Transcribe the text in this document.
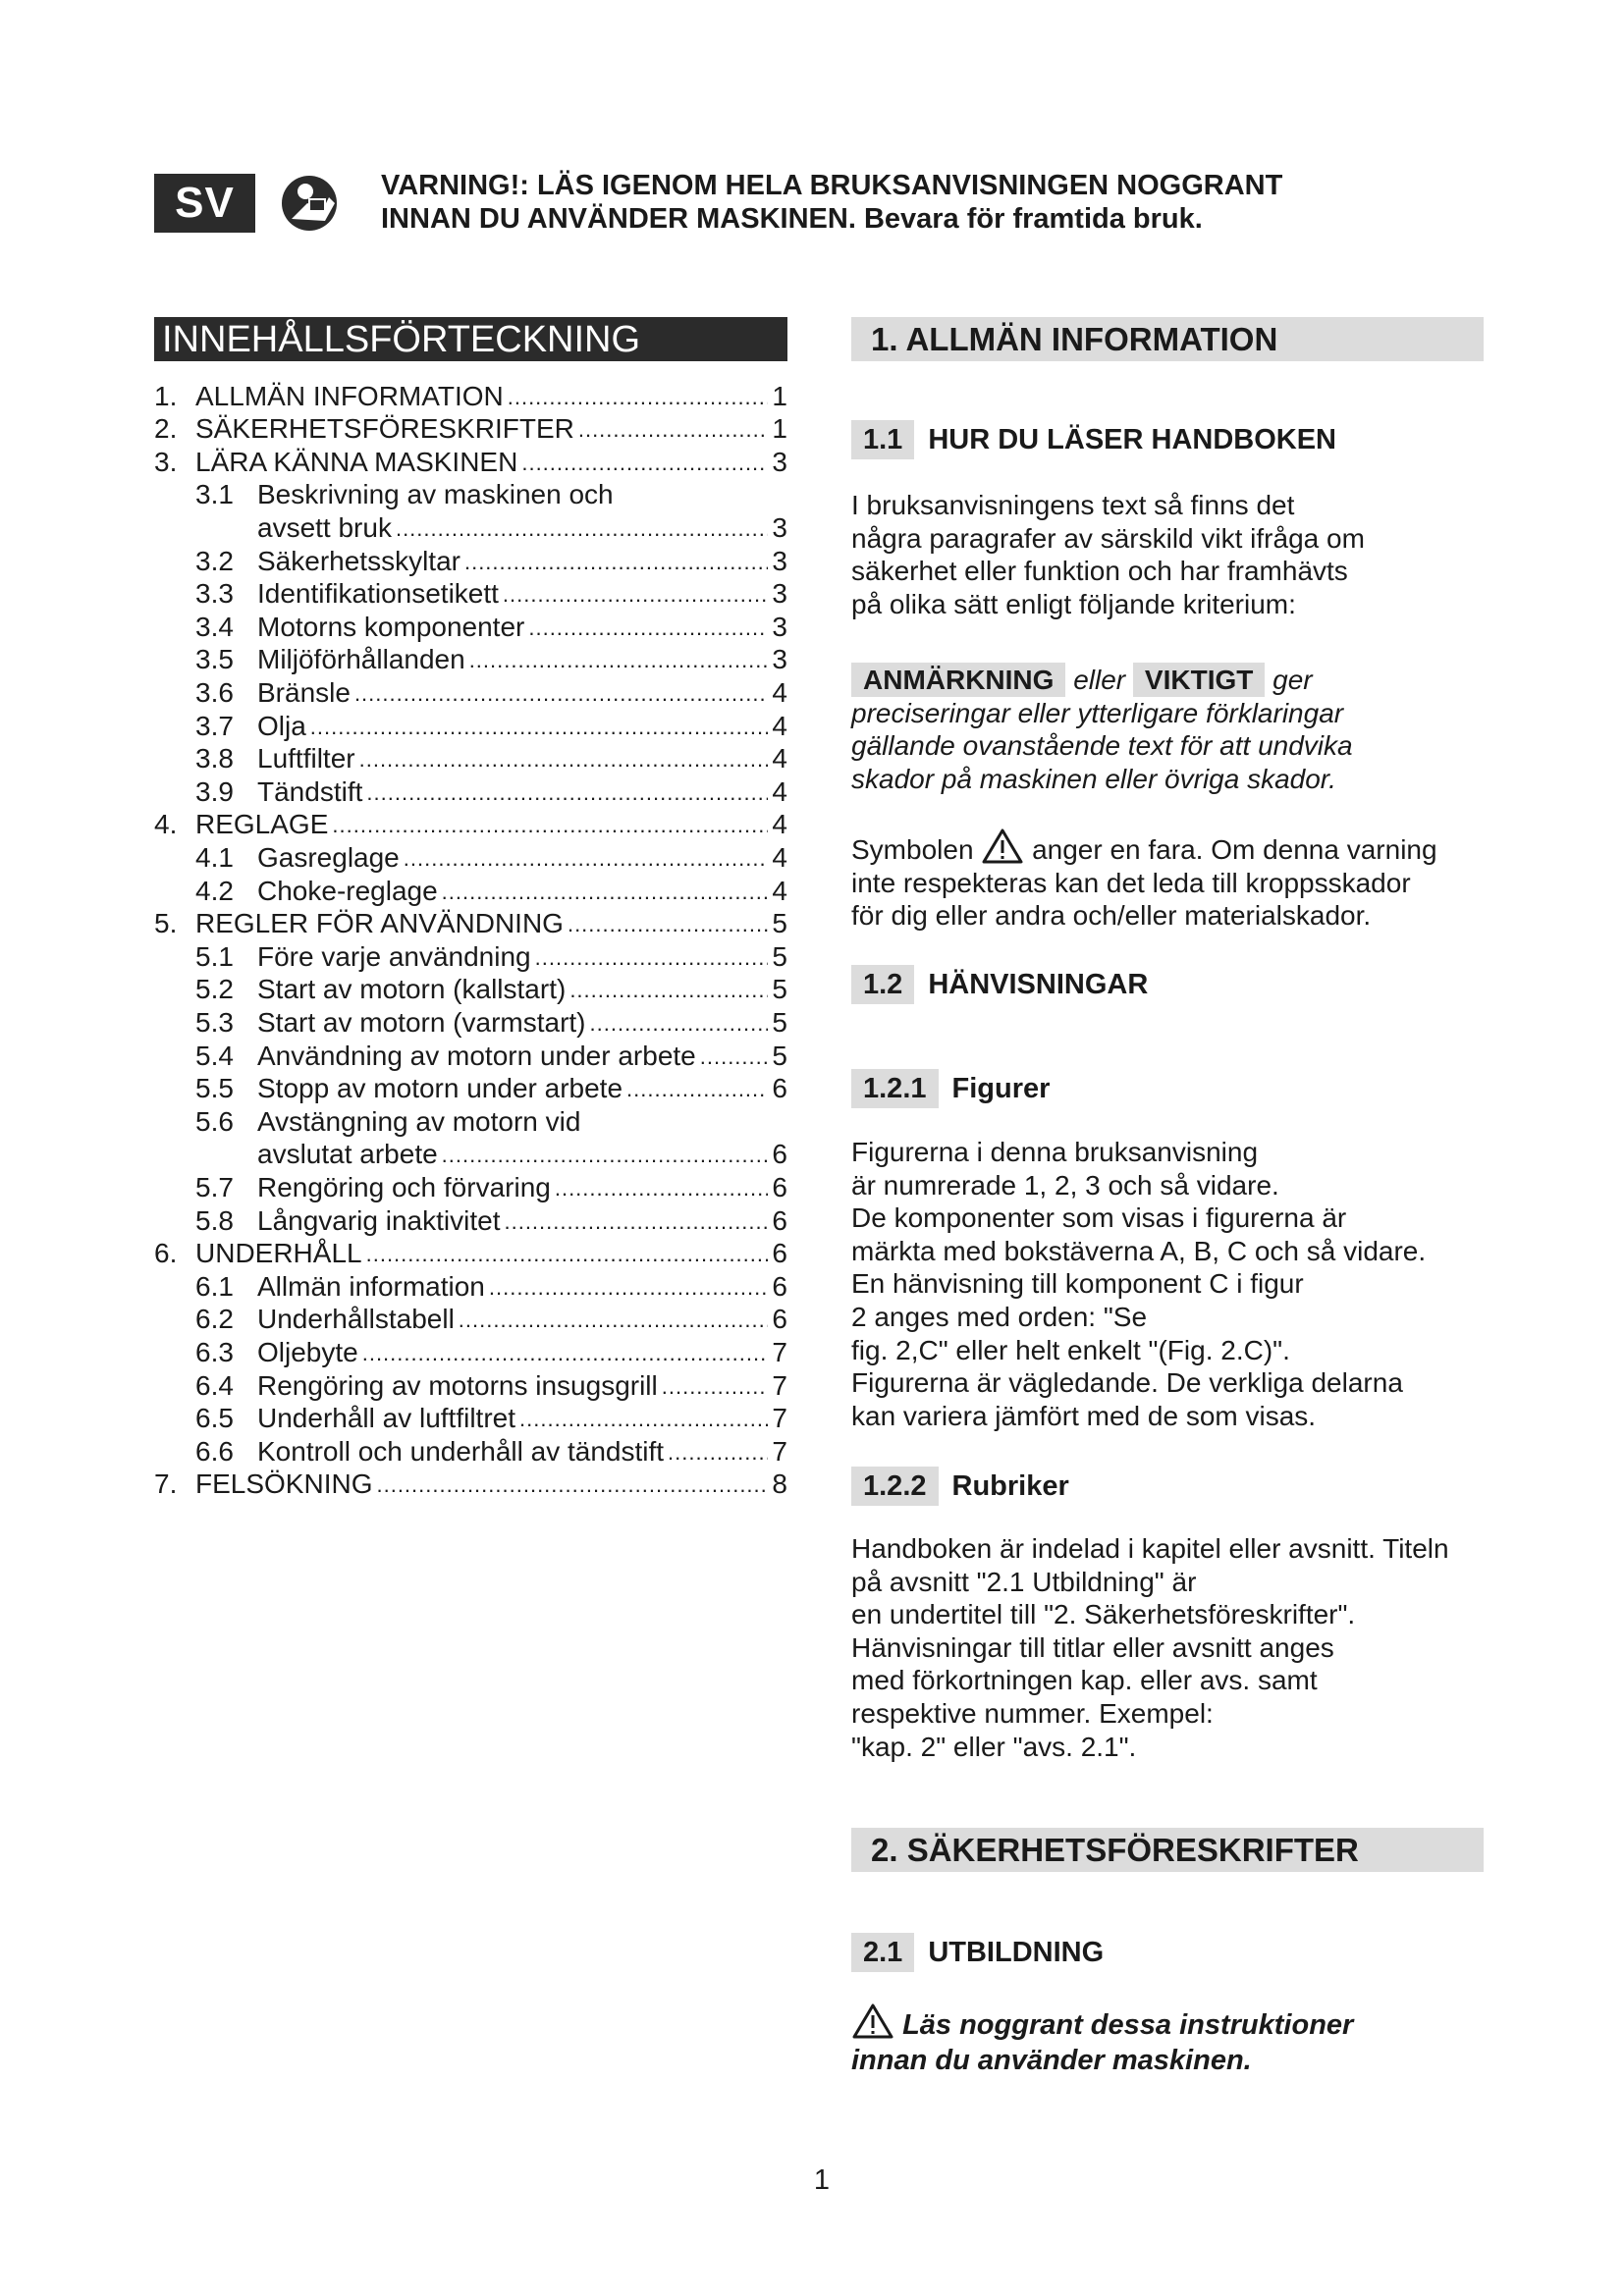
SV	VARNING!: LÄS IGENOM HELA BRUKSANVISNINGEN NOGGRANT
INNAN DU ANVÄNDER MASKINEN. Bevara för framtida bruk.
INNEHÅLLSFÖRTECKNING
1. ALLMÄN INFORMATION .....	1
2. SÄKERHETSFÖRESKRIFTER .....	1
3. LÄRA KÄNNA MASKINEN .....	3
3.1 Beskrivning av maskinen och
avsett bruk .....	3
3.2 Säkerhetsskyltar .....	3
3.3 Identifikationsetikett .....	3
3.4 Motorns komponenter .....	3
3.5 Miljöförhållanden .....	3
3.6 Bränsle .....	4
3.7 Olja .....	4
3.8 Luftfilter .....	4
3.9 Tändstift .....	4
4. REGLAGE .....	4
4.1 Gasreglage .....	4
4.2 Choke-reglage .....	4
5. REGLER FÖR ANVÄNDNING .....	5
5.1 Före varje användning .....	5
5.2 Start av motorn (kallstart) .....	5
5.3 Start av motorn (varmstart) .....	5
5.4 Användning av motorn under arbete .....	5
5.5 Stopp av motorn under arbete .....	6
5.6 Avstängning av motorn vid
avslutat arbete .....	6
5.7 Rengöring och förvaring .....	6
5.8 Långvarig inaktivitet .....	6
6. UNDERHÅLL .....	6
6.1 Allmän information .....	6
6.2 Underhållstabell .....	6
6.3 Oljebyte .....	7
6.4 Rengöring av motorns insugsgrill .....	7
6.5 Underhåll av luftfiltret .....	7
6.6 Kontroll och underhåll av tändstift .....	7
7. FELSÖKNING .....	8
1. ALLMÄN INFORMATION
1.1 HUR DU LÄSER HANDBOKEN
I bruksanvisningens text så finns det
några paragrafer av särskild vikt ifråga om
säkerhet eller funktion och har framhävts
på olika sätt enligt följande kriterium:
ANMÄRKNING eller VIKTIGT ger
preciseringar eller ytterligare förklaringar
gällande ovanstående text för att undvika
skador på maskinen eller övriga skador.
Symbolen anger en fara. Om denna varning
inte respekteras kan det leda till kroppsskador
för dig eller andra och/eller materialskador.
1.2 HÄNVISNINGAR
1.2.1 Figurer
Figurerna i denna bruksanvisning
är numrerade 1, 2, 3 och så vidare.
De komponenter som visas i figurerna är
märkta med bokstäverna A, B, C och så vidare.
En hänvisning till komponent C i figur
2 anges med orden: "Se
fig. 2,C" eller helt enkelt "(Fig. 2.C)".
Figurerna är vägledande. De verkliga delarna
kan variera jämfört med de som visas.
1.2.2 Rubriker
Handboken är indelad i kapitel eller avsnitt. Titeln
på avsnitt "2.1 Utbildning" är
en undertitel till "2. Säkerhetsföreskrifter".
Hänvisningar till titlar eller avsnitt anges
med förkortningen kap. eller avs. samt
respektive nummer. Exempel:
"kap. 2" eller "avs. 2.1".
2. SÄKERHETSFÖRESKRIFTER
2.1 UTBILDNING
Läs noggrant dessa instruktioner
innan du använder maskinen.
1
